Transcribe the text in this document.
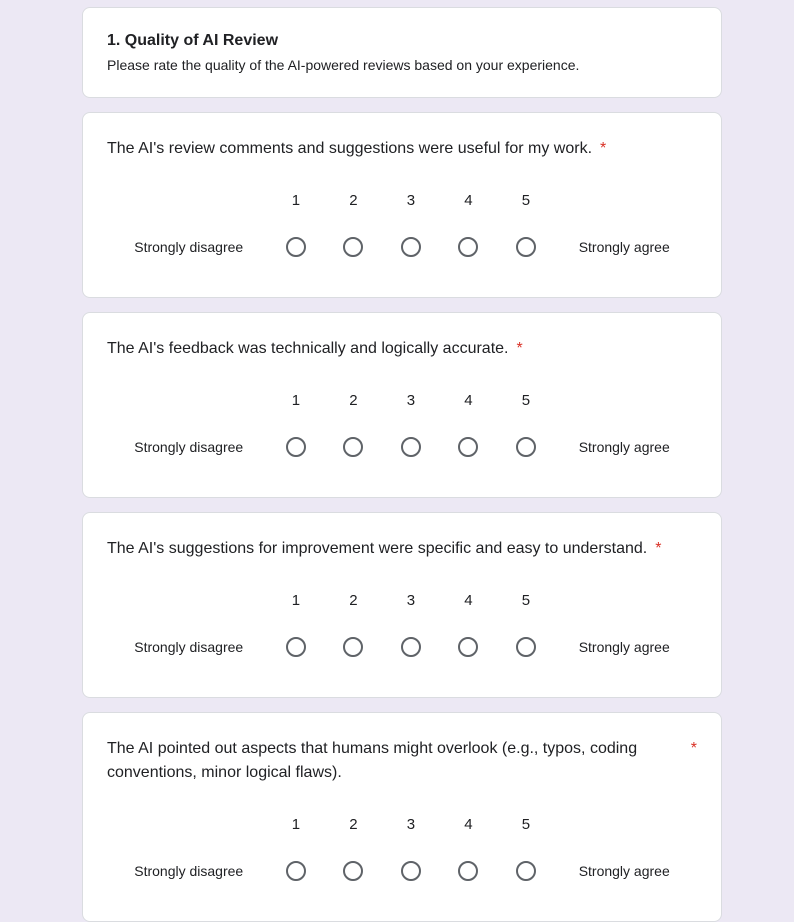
1. Quality of AI Review
Please rate the quality of the AI-powered reviews based on your experience.
The AI's review comments and suggestions were useful for my work. *
Strongly disagree
1	2	3	4	5
Strongly agree
The AI's feedback was technically and logically accurate. *
Strongly disagree
1	2	3	4	5
Strongly agree
The AI's suggestions for improvement were specific and easy to understand. *
Strongly disagree
1	2	3	4	5
Strongly agree
The AI pointed out aspects that humans might overlook (e.g., typos, coding conventions, minor logical flaws).
*
Strongly disagree
1	2	3	4	5
Strongly agree
